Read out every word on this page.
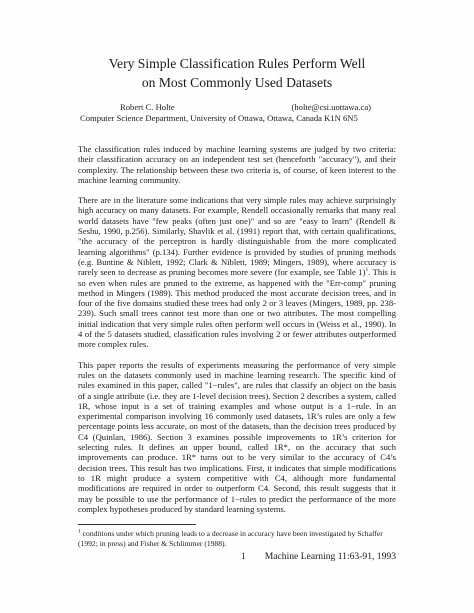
Very Simple Classification Rules Perform Well
on Most Commonly Used Datasets
Robert C. Holte	(holte@csi.uottawa.ca)
Computer Science Department, University of Ottawa, Ottawa, Canada K1N 6N5

The classification rules induced by machine learning systems are judged by two criteria: their classification accuracy on an independent test set (henceforth "accuracy"), and their complexity. The relationship between these two criteria is, of course, of keen interest to the machine learning community.

There are in the literature some indications that very simple rules may achieve surprisingly high accuracy on many datasets. For example, Rendell occasionally remarks that many real world datasets have "few peaks (often just one)" and so are "easy to learn" (Rendell & Seshu, 1990, p.256). Similarly, Shavlik et al. (1991) report that, with certain qualifications, "the accuracy of the perceptron is hardly distinguishable from the more complicated learning algorithms" (p.134). Further evidence is provided by studies of pruning methods (e.g. Buntine & Niblett, 1992; Clark & Niblett, 1989; Mingers, 1989), where accuracy is rarely seen to decrease as pruning becomes more severe (for example, see Table 1)$^1$. This is so even when rules are pruned to the extreme, as happened with the "Err-comp" pruning method in Mingers (1989). This method produced the most accurate decision trees, and in four of the five domains studied these trees had only 2 or 3 leaves (Mingers, 1989, pp. 238-239). Such small trees cannot test more than one or two attributes. The most compelling initial indication that very simple rules often perform well occurs in (Weiss et al., 1990). In 4 of the 5 datasets studied, classification rules involving 2 or fewer attributes outperformed more complex rules.

This paper reports the results of experiments measuring the performance of very simple rules on the datasets commonly used in machine learning research. The specific kind of rules examined in this paper, called "1−rules", are rules that classify an object on the basis of a single attribute (i.e. they are 1-level decision trees). Section 2 describes a system, called 1R, whose input is a set of training examples and whose output is a 1−rule. In an experimental comparison involving 16 commonly used datasets, 1R’s rules are only a few percentage points less accurate, on most of the datasets, than the decision trees produced by C4 (Quinlan, 1986). Section 3 examines possible improvements to 1R’s criterion for selecting rules. It defines an upper bound, called 1R*, on the accuracy that such improvements can produce. 1R* turns out to be very similar to the accuracy of C4’s decision trees. This result has two implications. First, it indicates that simple modifications to 1R might produce a system competitive with C4, although more fundamental modifications are required in order to outperform C4. Second, this result suggests that it may be possible to use the performance of 1−rules to predict the performance of the more complex hypotheses produced by standard learning systems.

$^1$ conditions under which pruning leads to a decrease in accuracy have been investigated by Schaffer (1992; in press) and Fisher & Schlimmer (1988).
1 Machine Learning 11:63-91, 1993
